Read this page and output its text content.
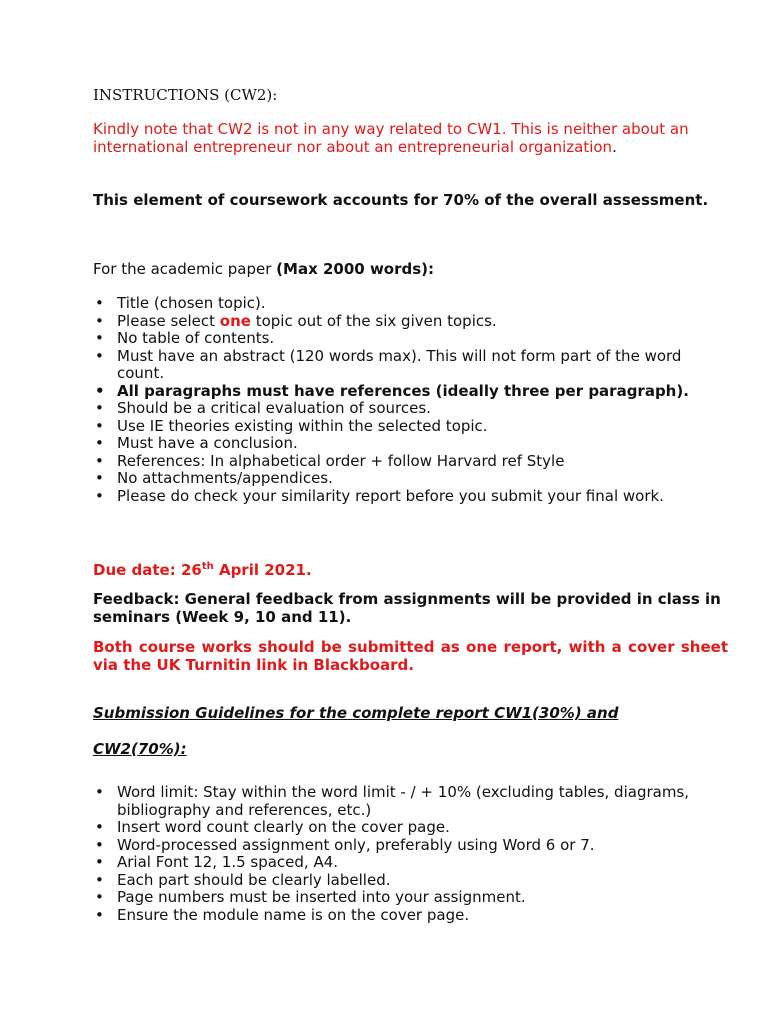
INSTRUCTIONS (CW2):

Kindly note that CW2 is not in any way related to CW1. This is neither about an international entrepreneur nor about an entrepreneurial organization.

This element of coursework accounts for 70% of the overall assessment.

For the academic paper (Max 2000 words):

• Title (chosen topic).
• Please select one topic out of the six given topics.
• No table of contents.
• Must have an abstract (120 words max). This will not form part of the word count.
• All paragraphs must have references (ideally three per paragraph).
• Should be a critical evaluation of sources.
• Use IE theories existing within the selected topic.
• Must have a conclusion.
• References: In alphabetical order + follow Harvard ref Style
• No attachments/appendices.
• Please do check your similarity report before you submit your final work.

Due date: 26th April 2021.

Feedback: General feedback from assignments will be provided in class in seminars (Week 9, 10 and 11).

Both course works should be submitted as one report, with a cover sheet via the UK Turnitin link in Blackboard.

Submission Guidelines for the complete report CW1(30%) and

CW2(70%):

• Word limit: Stay within the word limit - / + 10% (excluding tables, diagrams, bibliography and references, etc.)
• Insert word count clearly on the cover page.
• Word-processed assignment only, preferably using Word 6 or 7.
• Arial Font 12, 1.5 spaced, A4.
• Each part should be clearly labelled.
• Page numbers must be inserted into your assignment.
• Ensure the module name is on the cover page.
